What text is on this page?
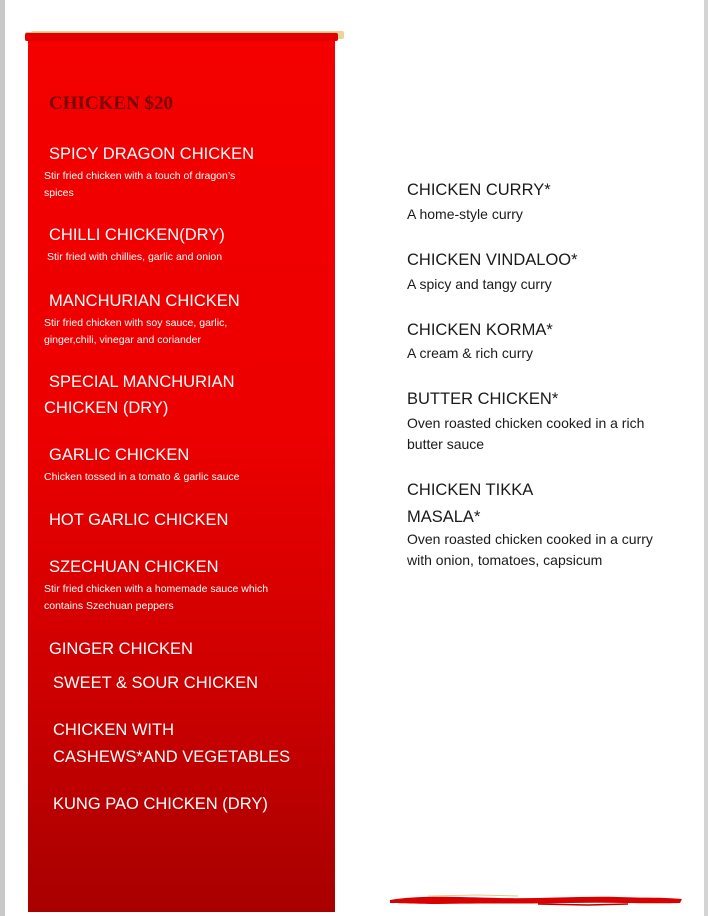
CHICKEN $20

SPICY DRAGON CHICKEN

Stir fried chicken with a touch of dragon’s

spices

CHILLI CHICKEN(DRY)

Stir fried with chillies, garlic and onion

MANCHURIAN CHICKEN

Stir fried chicken with soy sauce, garlic,

ginger,chili, vinegar and coriander

SPECIAL MANCHURIAN

CHICKEN (DRY)

GARLIC CHICKEN

Chicken tossed in a tomato & garlic sauce

HOT GARLIC CHICKEN

SZECHUAN CHICKEN

Stir fried chicken with a homemade sauce which

contains Szechuan peppers

GINGER CHICKEN

SWEET & SOUR CHICKEN

CHICKEN WITH

CASHEWS*AND VEGETABLES

KUNG PAO CHICKEN (DRY)

CHICKEN CURRY*

A home-style curry

CHICKEN VINDALOO*

A spicy and tangy curry

CHICKEN KORMA*

A cream & rich curry

BUTTER CHICKEN*

Oven roasted chicken cooked in a rich

butter sauce

CHICKEN TIKKA

MASALA*

Oven roasted chicken cooked in a curry

with onion, tomatoes, capsicum
